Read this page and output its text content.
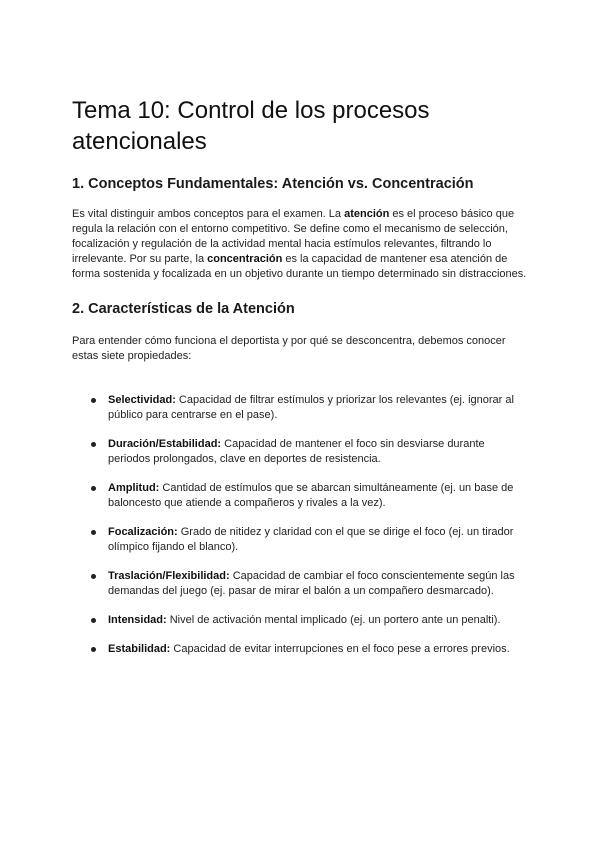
Tema 10: Control de los procesos atencionales
1. Conceptos Fundamentales: Atención vs. Concentración

Es vital distinguir ambos conceptos para el examen. La atención es el proceso básico que regula la relación con el entorno competitivo. Se define como el mecanismo de selección, focalización y regulación de la actividad mental hacia estímulos relevantes, filtrando lo irrelevante. Por su parte, la concentración es la capacidad de mantener esa atención de forma sostenida y focalizada en un objetivo durante un tiempo determinado sin distracciones.

2. Características de la Atención

Para entender cómo funciona el deportista y por qué se desconcentra, debemos conocer estas siete propiedades:

Selectividad: Capacidad de filtrar estímulos y priorizar los relevantes (ej. ignorar al público para centrarse en el pase).
Duración/Estabilidad: Capacidad de mantener el foco sin desviarse durante periodos prolongados, clave en deportes de resistencia.
Amplitud: Cantidad de estímulos que se abarcan simultáneamente (ej. un base de baloncesto que atiende a compañeros y rivales a la vez).
Focalización: Grado de nitidez y claridad con el que se dirige el foco (ej. un tirador olímpico fijando el blanco).
Traslación/Flexibilidad: Capacidad de cambiar el foco conscientemente según las demandas del juego (ej. pasar de mirar el balón a un compañero desmarcado).
Intensidad: Nivel de activación mental implicado (ej. un portero ante un penalti).
Estabilidad: Capacidad de evitar interrupciones en el foco pese a errores previos.
